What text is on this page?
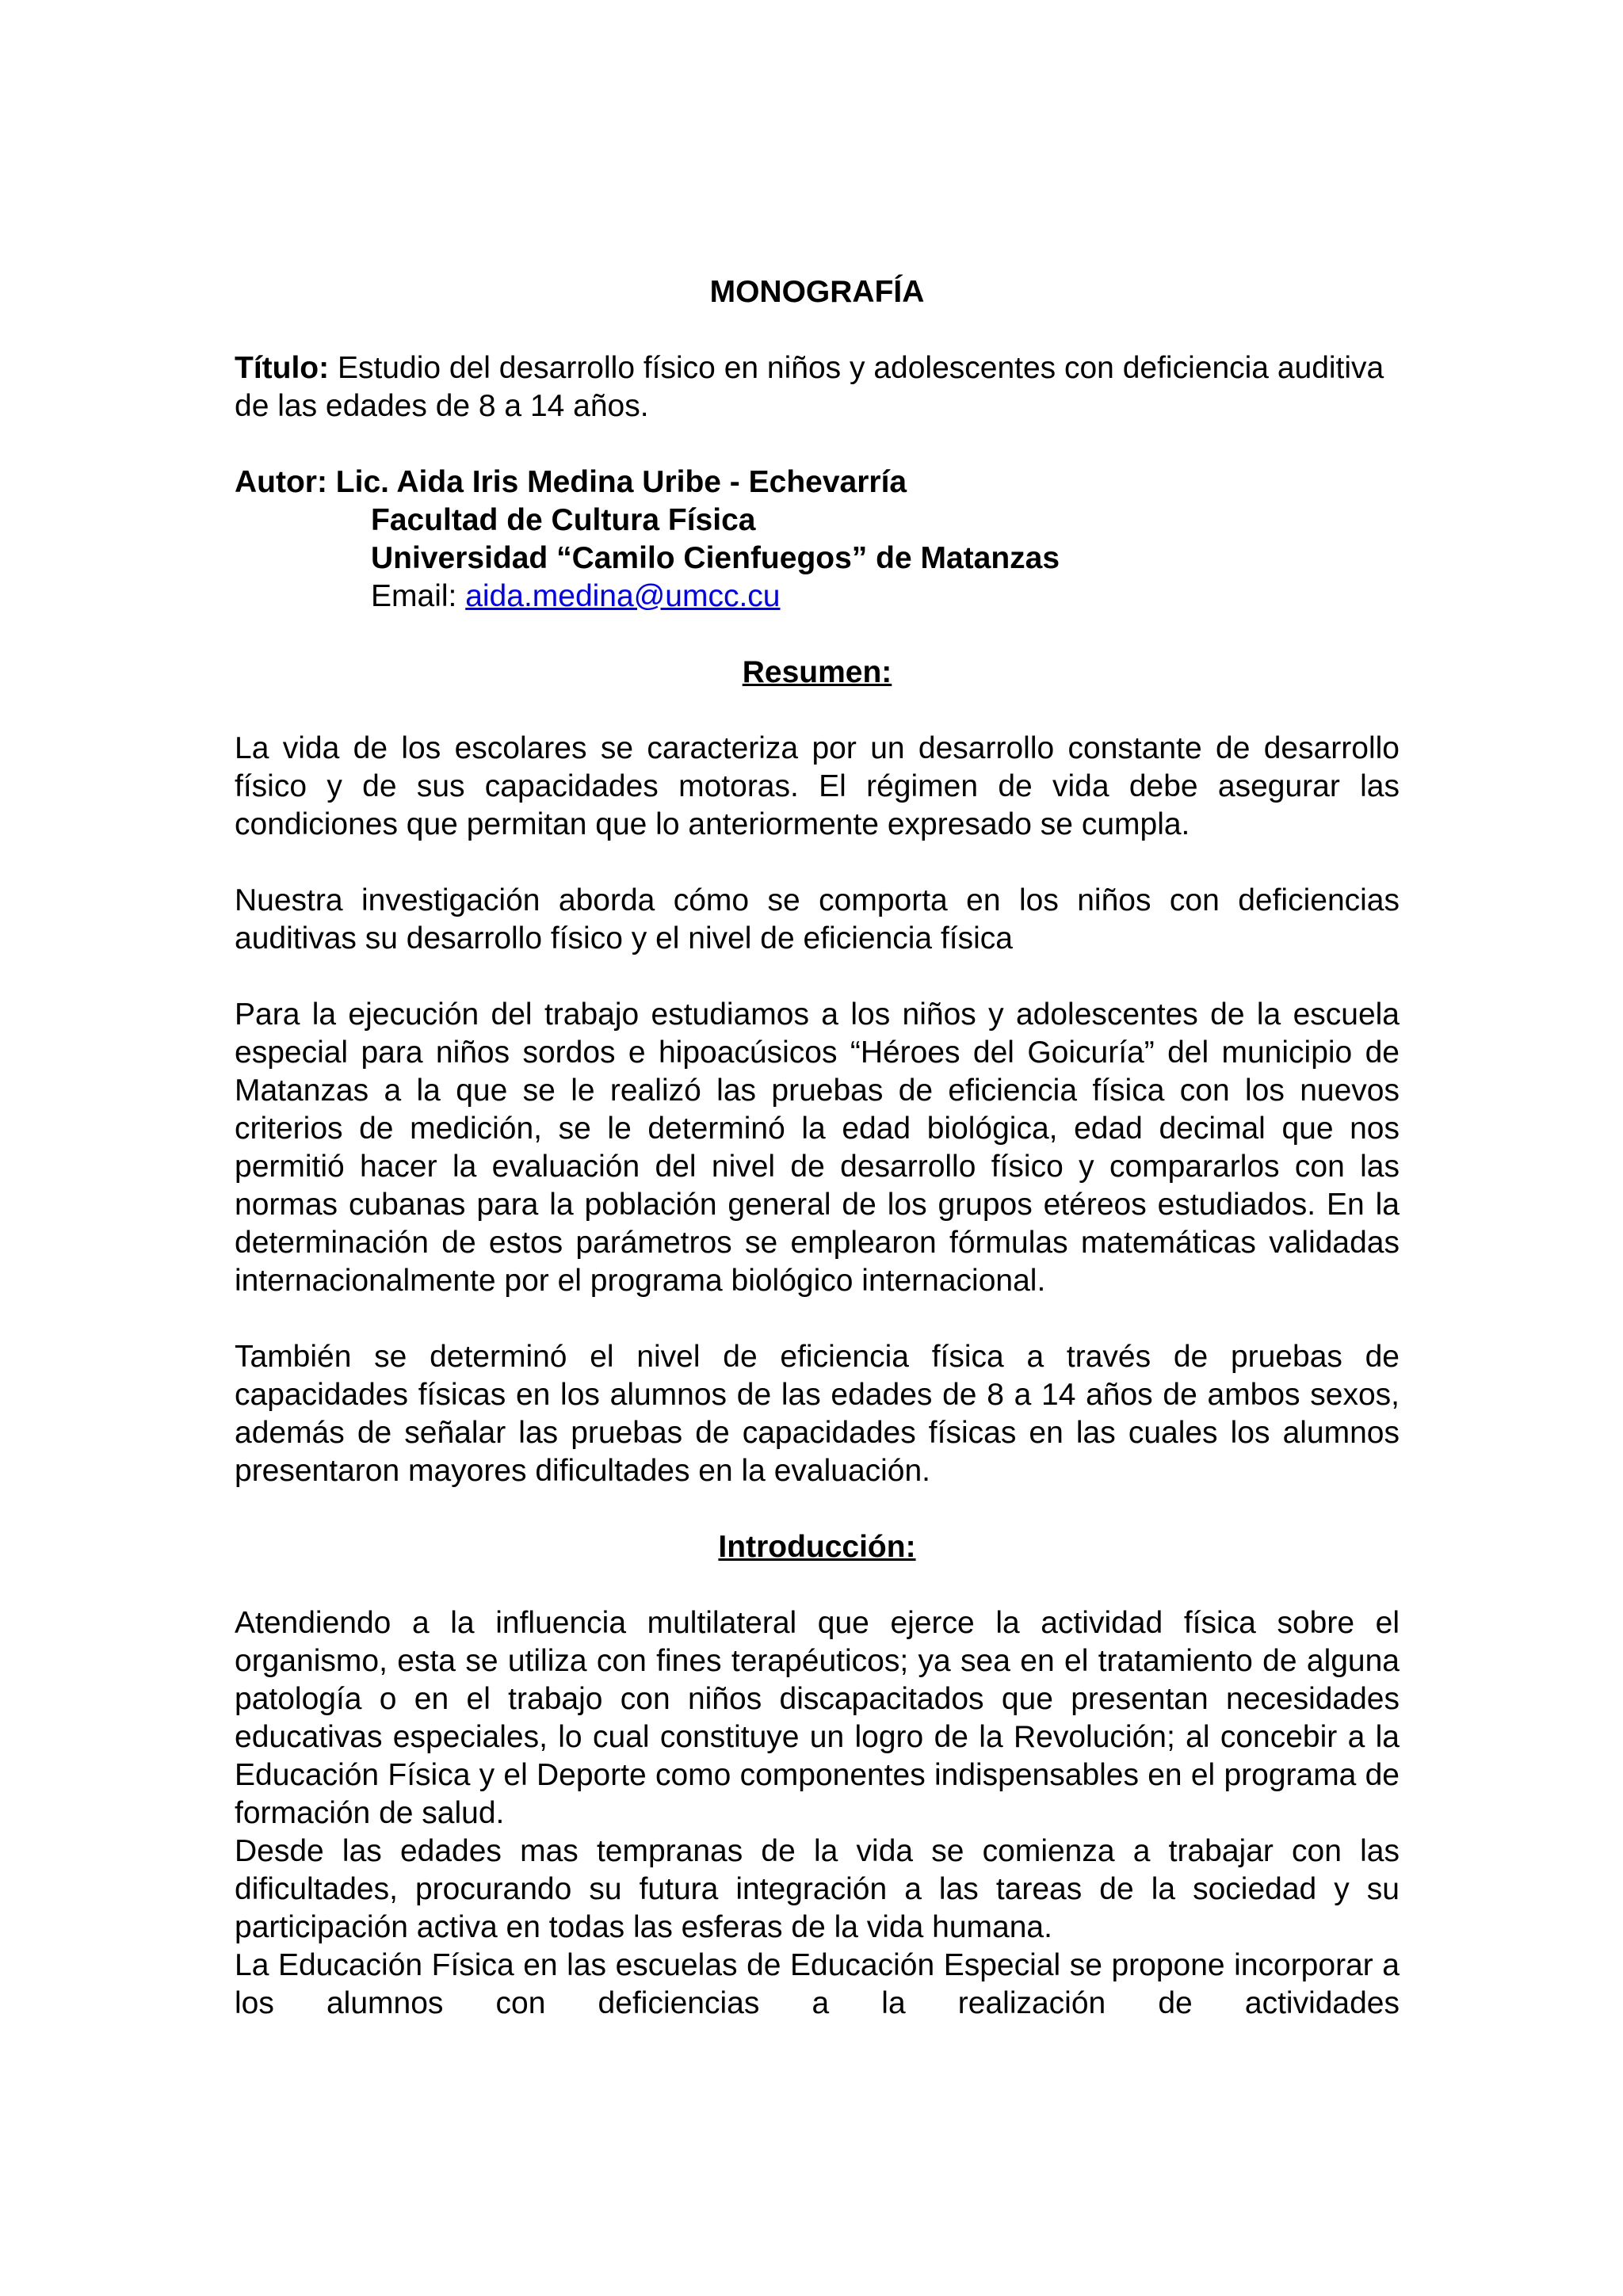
MONOGRAFÍA
Título: Estudio del desarrollo físico en niños y adolescentes con deficiencia auditiva de las edades de 8 a 14 años.
Autor: Lic. Aida Iris Medina Uribe - Echevarría
Facultad de Cultura Física
Universidad “Camilo Cienfuegos” de Matanzas
Email: aida.medina@umcc.cu
Resumen:

La vida de los escolares se caracteriza por un desarrollo constante de desarrollo físico y de sus capacidades motoras. El régimen de vida debe asegurar las condiciones que permitan que lo anteriormente expresado se cumpla.

Nuestra investigación aborda cómo se comporta en los niños con deficiencias auditivas su desarrollo físico y el nivel de eficiencia física

Para la ejecución del trabajo estudiamos a los niños y adolescentes de la escuela especial para niños sordos e hipoacúsicos “Héroes del Goicuría” del municipio de Matanzas a la que se le realizó las pruebas de eficiencia física con los nuevos criterios de medición, se le determinó la edad biológica, edad decimal que nos permitió hacer la evaluación del nivel de desarrollo físico y compararlos con las normas cubanas para la población general de los grupos etéreos estudiados. En la determinación de estos parámetros se emplearon fórmulas matemáticas validadas internacionalmente por el programa biológico internacional.

También se determinó el nivel de eficiencia física a través de pruebas de capacidades físicas en los alumnos de las edades de 8 a 14 años de ambos sexos, además de señalar las pruebas de capacidades físicas en las cuales los alumnos presentaron mayores dificultades en la evaluación.

Introducción:

Atendiendo a la influencia multilateral que ejerce la actividad física sobre el organismo, esta se utiliza con fines terapéuticos; ya sea en el tratamiento de alguna patología o en el trabajo con niños discapacitados que presentan necesidades educativas especiales, lo cual constituye un logro de la Revolución; al concebir a la Educación Física y el Deporte como componentes indispensables en el programa de formación de salud.

Desde las edades mas tempranas de la vida se comienza a trabajar con las dificultades, procurando su futura integración a las tareas de la sociedad y su participación activa en todas las esferas de la vida humana.

La Educación Física en las escuelas de Educación Especial se propone incorporar a los alumnos con deficiencias a la realización de actividades
